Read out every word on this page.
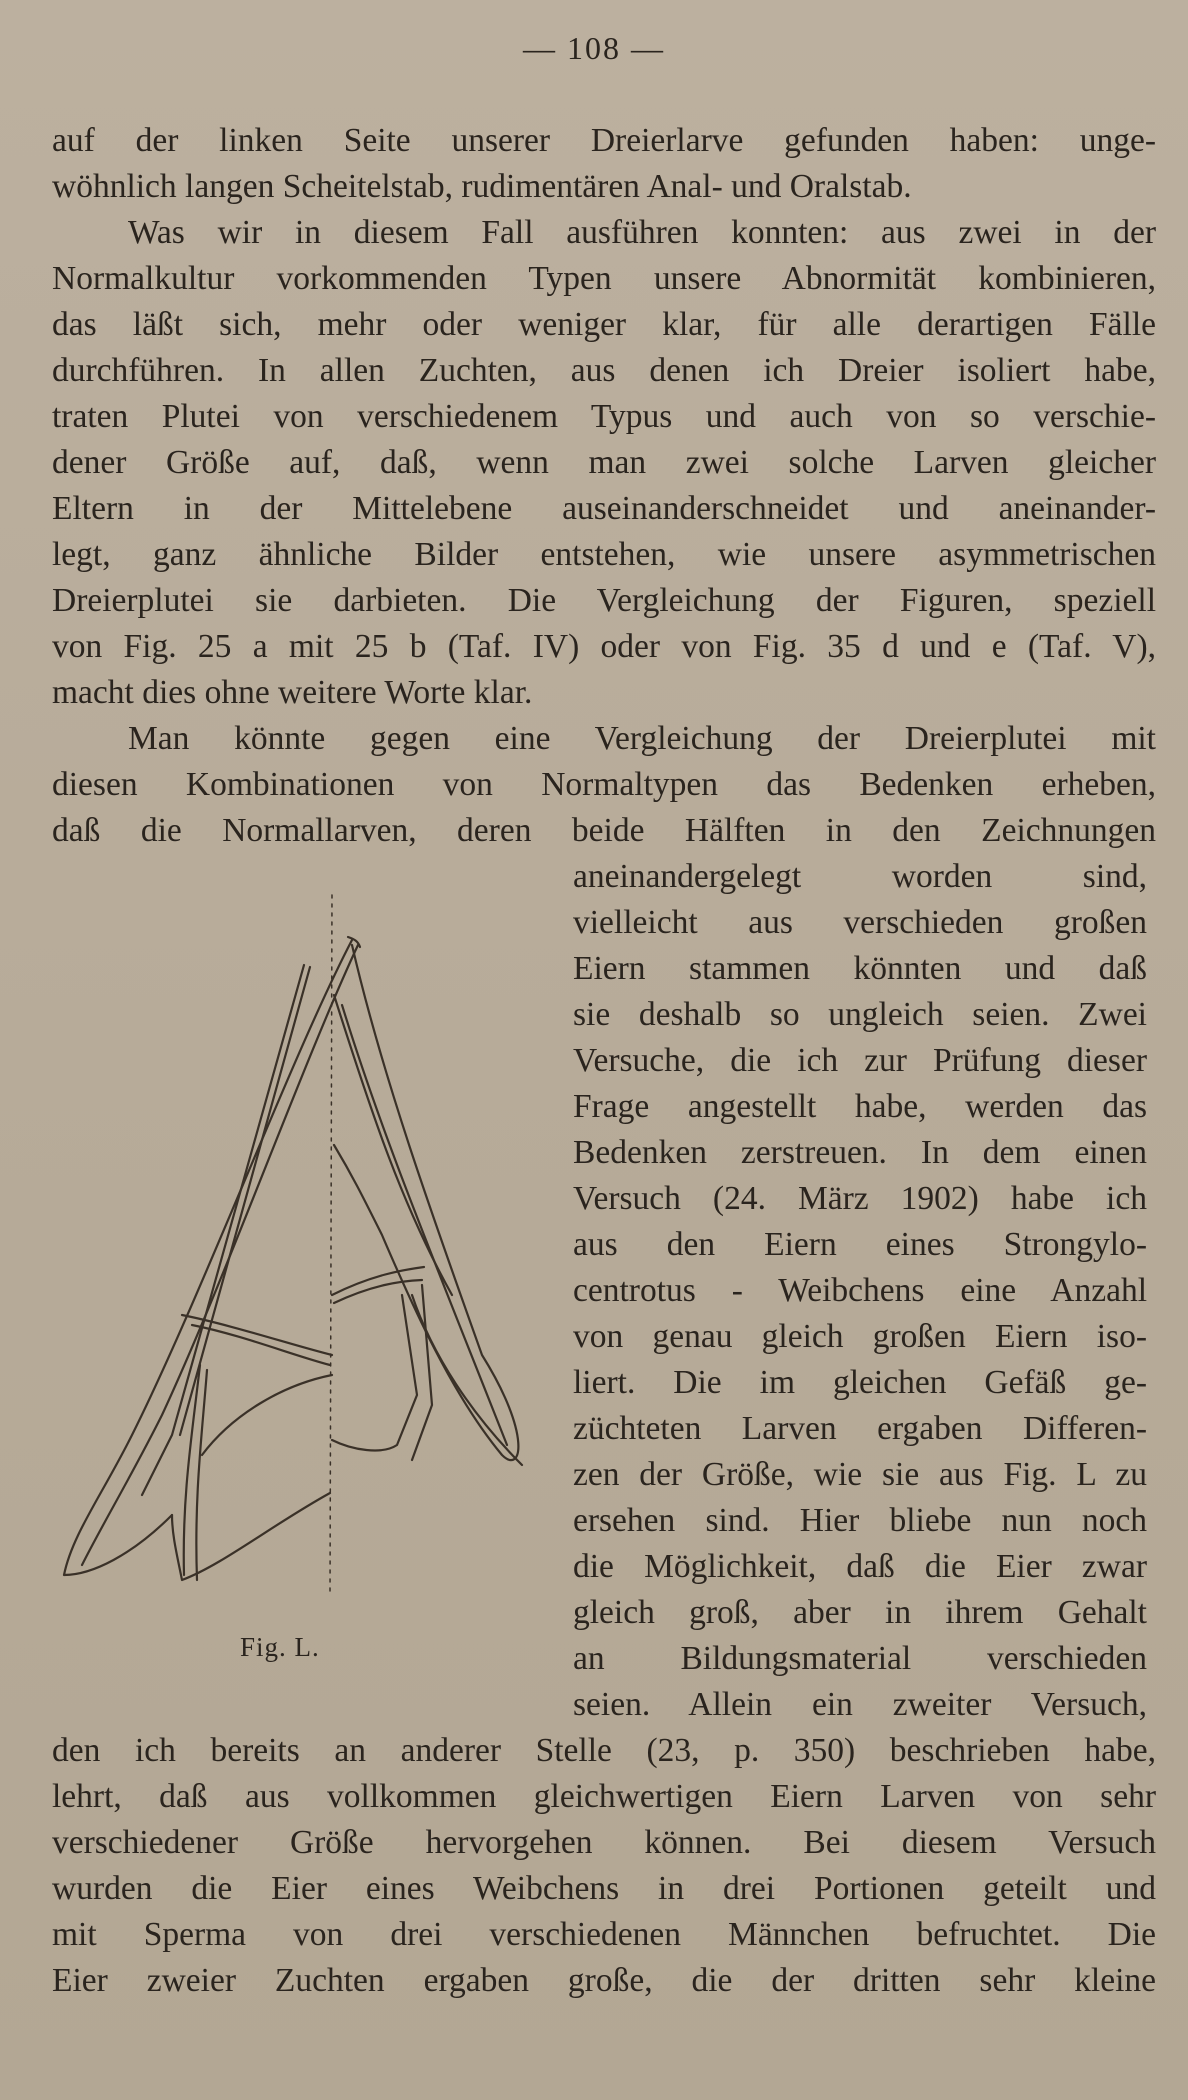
— 108 —
auf der linken Seite unserer Dreierlarve gefunden haben: unge-
wöhnlich langen Scheitelstab, rudimentären Anal- und Oralstab.
Was wir in diesem Fall ausführen konnten: aus zwei in der
Normalkultur vorkommenden Typen unsere Abnormität kombinieren,
das läßt sich, mehr oder weniger klar, für alle derartigen Fälle
durchführen. In allen Zuchten, aus denen ich Dreier isoliert habe,
traten Plutei von verschiedenem Typus und auch von so verschie-
dener Größe auf, daß, wenn man zwei solche Larven gleicher
Eltern in der Mittelebene auseinanderschneidet und aneinander-
legt, ganz ähnliche Bilder entstehen, wie unsere asymmetrischen
Dreierplutei sie darbieten. Die Vergleichung der Figuren, speziell
von Fig. 25 a mit 25 b (Taf. IV) oder von Fig. 35 d und e (Taf. V),
macht dies ohne weitere Worte klar.
Man könnte gegen eine Vergleichung der Dreierplutei mit
diesen Kombinationen von Normaltypen das Bedenken erheben,
daß die Normallarven, deren beide Hälften in den Zeichnungen
aneinandergelegt worden sind,
vielleicht aus verschieden großen
Eiern stammen könnten und daß
sie deshalb so ungleich seien. Zwei
Versuche, die ich zur Prüfung dieser
Frage angestellt habe, werden das
Bedenken zerstreuen. In dem einen
Versuch (24. März 1902) habe ich
aus den Eiern eines Strongylo-
centrotus - Weibchens eine Anzahl
von genau gleich großen Eiern iso-
liert. Die im gleichen Gefäß ge-
züchteten Larven ergaben Differen-
zen der Größe, wie sie aus Fig. L zu
ersehen sind. Hier bliebe nun noch
die Möglichkeit, daß die Eier zwar
gleich groß, aber in ihrem Gehalt
an Bildungsmaterial verschieden
seien. Allein ein zweiter Versuch,
den ich bereits an anderer Stelle (23, p. 350) beschrieben habe,
lehrt, daß aus vollkommen gleichwertigen Eiern Larven von sehr
verschiedener Größe hervorgehen können. Bei diesem Versuch
wurden die Eier eines Weibchens in drei Portionen geteilt und
mit Sperma von drei verschiedenen Männchen befruchtet. Die
Eier zweier Zuchten ergaben große, die der dritten sehr kleine
Fig. L.
